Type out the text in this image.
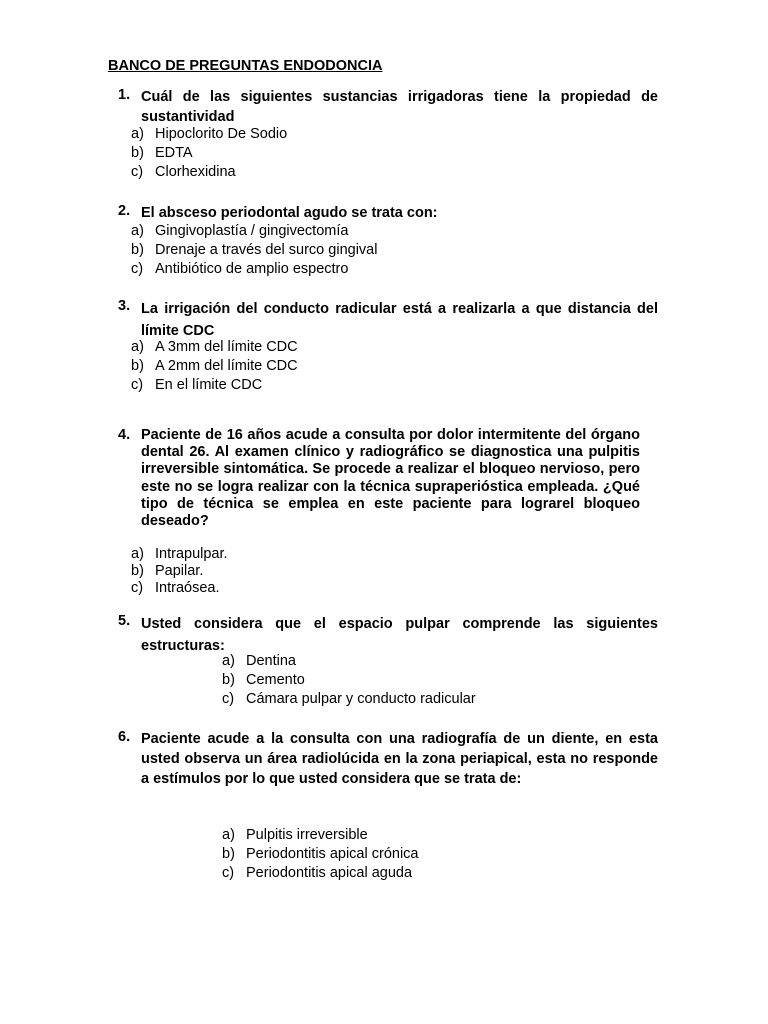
BANCO DE PREGUNTAS ENDODONCIA
1. Cuál de las siguientes sustancias irrigadoras tiene la propiedad de sustantividad
a) Hipoclorito De Sodio
b) EDTA
c) Clorhexidina
2. El absceso periodontal agudo se trata con:
a) Gingivoplastía / gingivectomía
b) Drenaje a través del surco gingival
c) Antibiótico de amplio espectro
3. La irrigación del conducto radicular está a realizarla a que distancia del límite CDC
a) A 3mm del límite CDC
b) A 2mm del límite CDC
c) En el límite CDC
4. Paciente de 16 años acude a consulta por dolor intermitente del órgano dental 26. Al examen clínico y radiográfico se diagnostica una pulpitis irreversible sintomática. Se procede a realizar el bloqueo nervioso, pero este no se logra realizar con la técnica supraperióstica empleada. ¿Qué tipo de técnica se emplea en este paciente para lograrel bloqueo deseado?
a) Intrapulpar.
b) Papilar.
c) Intraósea.
5. Usted considera que el espacio pulpar comprende las siguientes estructuras:
a) Dentina
b) Cemento
c) Cámara pulpar y conducto radicular
6. Paciente acude a la consulta con una radiografía de un diente, en esta usted observa un área radiolúcida en la zona periapical, esta no responde a estímulos por lo que usted considera que se trata de:
a) Pulpitis irreversible
b) Periodontitis apical crónica
c) Periodontitis apical aguda
